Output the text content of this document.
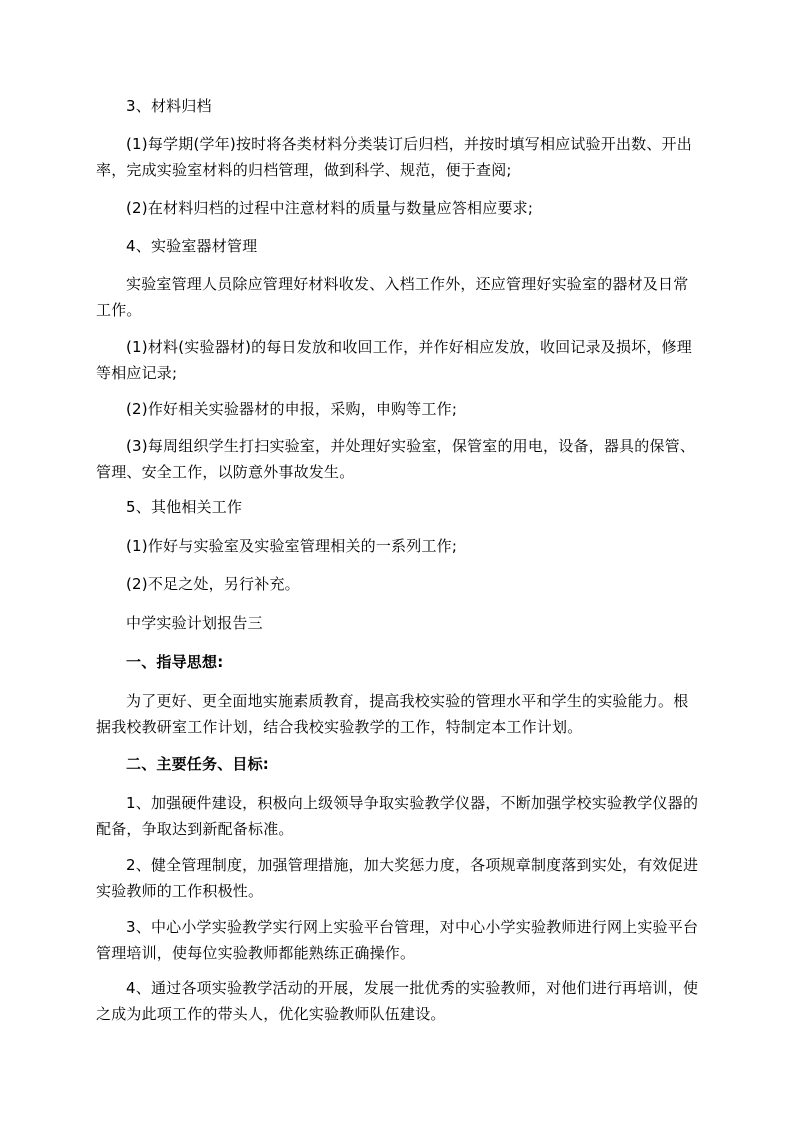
3、材料归档

(1)每学期(学年)按时将各类材料分类装订后归档，并按时填写相应试验开出数、开出率，完成实验室材料的归档管理，做到科学、规范，便于查阅;

(2)在材料归档的过程中注意材料的质量与数量应答相应要求;

4、实验室器材管理

实验室管理人员除应管理好材料收发、入档工作外，还应管理好实验室的器材及日常工作。

(1)材料(实验器材)的每日发放和收回工作，并作好相应发放，收回记录及损坏，修理等相应记录;

(2)作好相关实验器材的申报，采购，申购等工作;

(3)每周组织学生打扫实验室，并处理好实验室，保管室的用电，设备，器具的保管、管理、安全工作，以防意外事故发生。

5、其他相关工作

(1)作好与实验室及实验室管理相关的一系列工作;

(2)不足之处，另行补充。

中学实验计划报告三

一、指导思想:

为了更好、更全面地实施素质教育，提高我校实验的管理水平和学生的实验能力。根据我校教研室工作计划，结合我校实验教学的工作，特制定本工作计划。

二、主要任务、目标:

1、加强硬件建设，积极向上级领导争取实验教学仪器，不断加强学校实验教学仪器的配备，争取达到新配备标准。

2、健全管理制度，加强管理措施，加大奖惩力度，各项规章制度落到实处，有效促进实验教师的工作积极性。

3、中心小学实验教学实行网上实验平台管理，对中心小学实验教师进行网上实验平台管理培训，使每位实验教师都能熟练正确操作。

4、通过各项实验教学活动的开展，发展一批优秀的实验教师，对他们进行再培训，使之成为此项工作的带头人，优化实验教师队伍建设。
